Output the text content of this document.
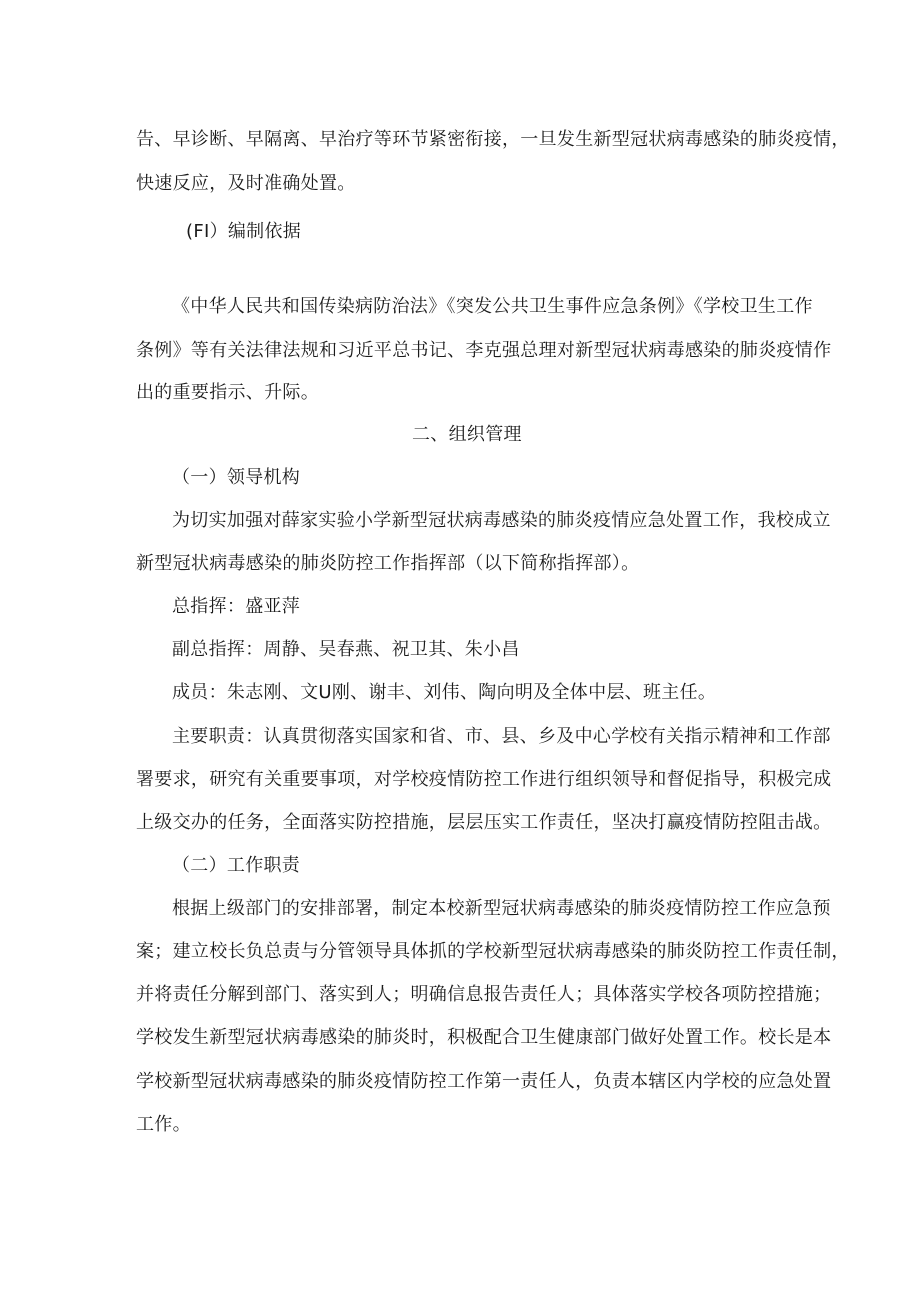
告、早诊断、早隔离、早治疗等环节紧密衔接，一旦发生新型冠状病毒感染的肺炎疫情，
快速反应，及时准确处置。
(FI）编制依据
《中华人民共和国传染病防治法》《突发公共卫生事件应急条例》《学校卫生工作
条例》等有关法律法规和习近平总书记、李克强总理对新型冠状病毒感染的肺炎疫情作
出的重要指示、升际。
二、组织管理
（一）领导机构
为切实加强对薛家实验小学新型冠状病毒感染的肺炎疫情应急处置工作，我校成立
新型冠状病毒感染的肺炎防控工作指挥部（以下简称指挥部）。
总指挥：盛亚萍
副总指挥：周静、吴春燕、祝卫其、朱小昌
成员：朱志刚、文U刚、谢丰、刘伟、陶向明及全体中层、班主任。
主要职责：认真贯彻落实国家和省、市、县、乡及中心学校有关指示精神和工作部
署要求，研究有关重要事项，对学校疫情防控工作进行组织领导和督促指导，积极完成
上级交办的任务，全面落实防控措施，层层压实工作责任，坚决打赢疫情防控阻击战。
（二）工作职责
根据上级部门的安排部署，制定本校新型冠状病毒感染的肺炎疫情防控工作应急预
案；建立校长负总责与分管领导具体抓的学校新型冠状病毒感染的肺炎防控工作责任制，
并将责任分解到部门、落实到人；明确信息报告责任人；具体落实学校各项防控措施；
学校发生新型冠状病毒感染的肺炎时，积极配合卫生健康部门做好处置工作。校长是本
学校新型冠状病毒感染的肺炎疫情防控工作第一责任人，负责本辖区内学校的应急处置
工作。
